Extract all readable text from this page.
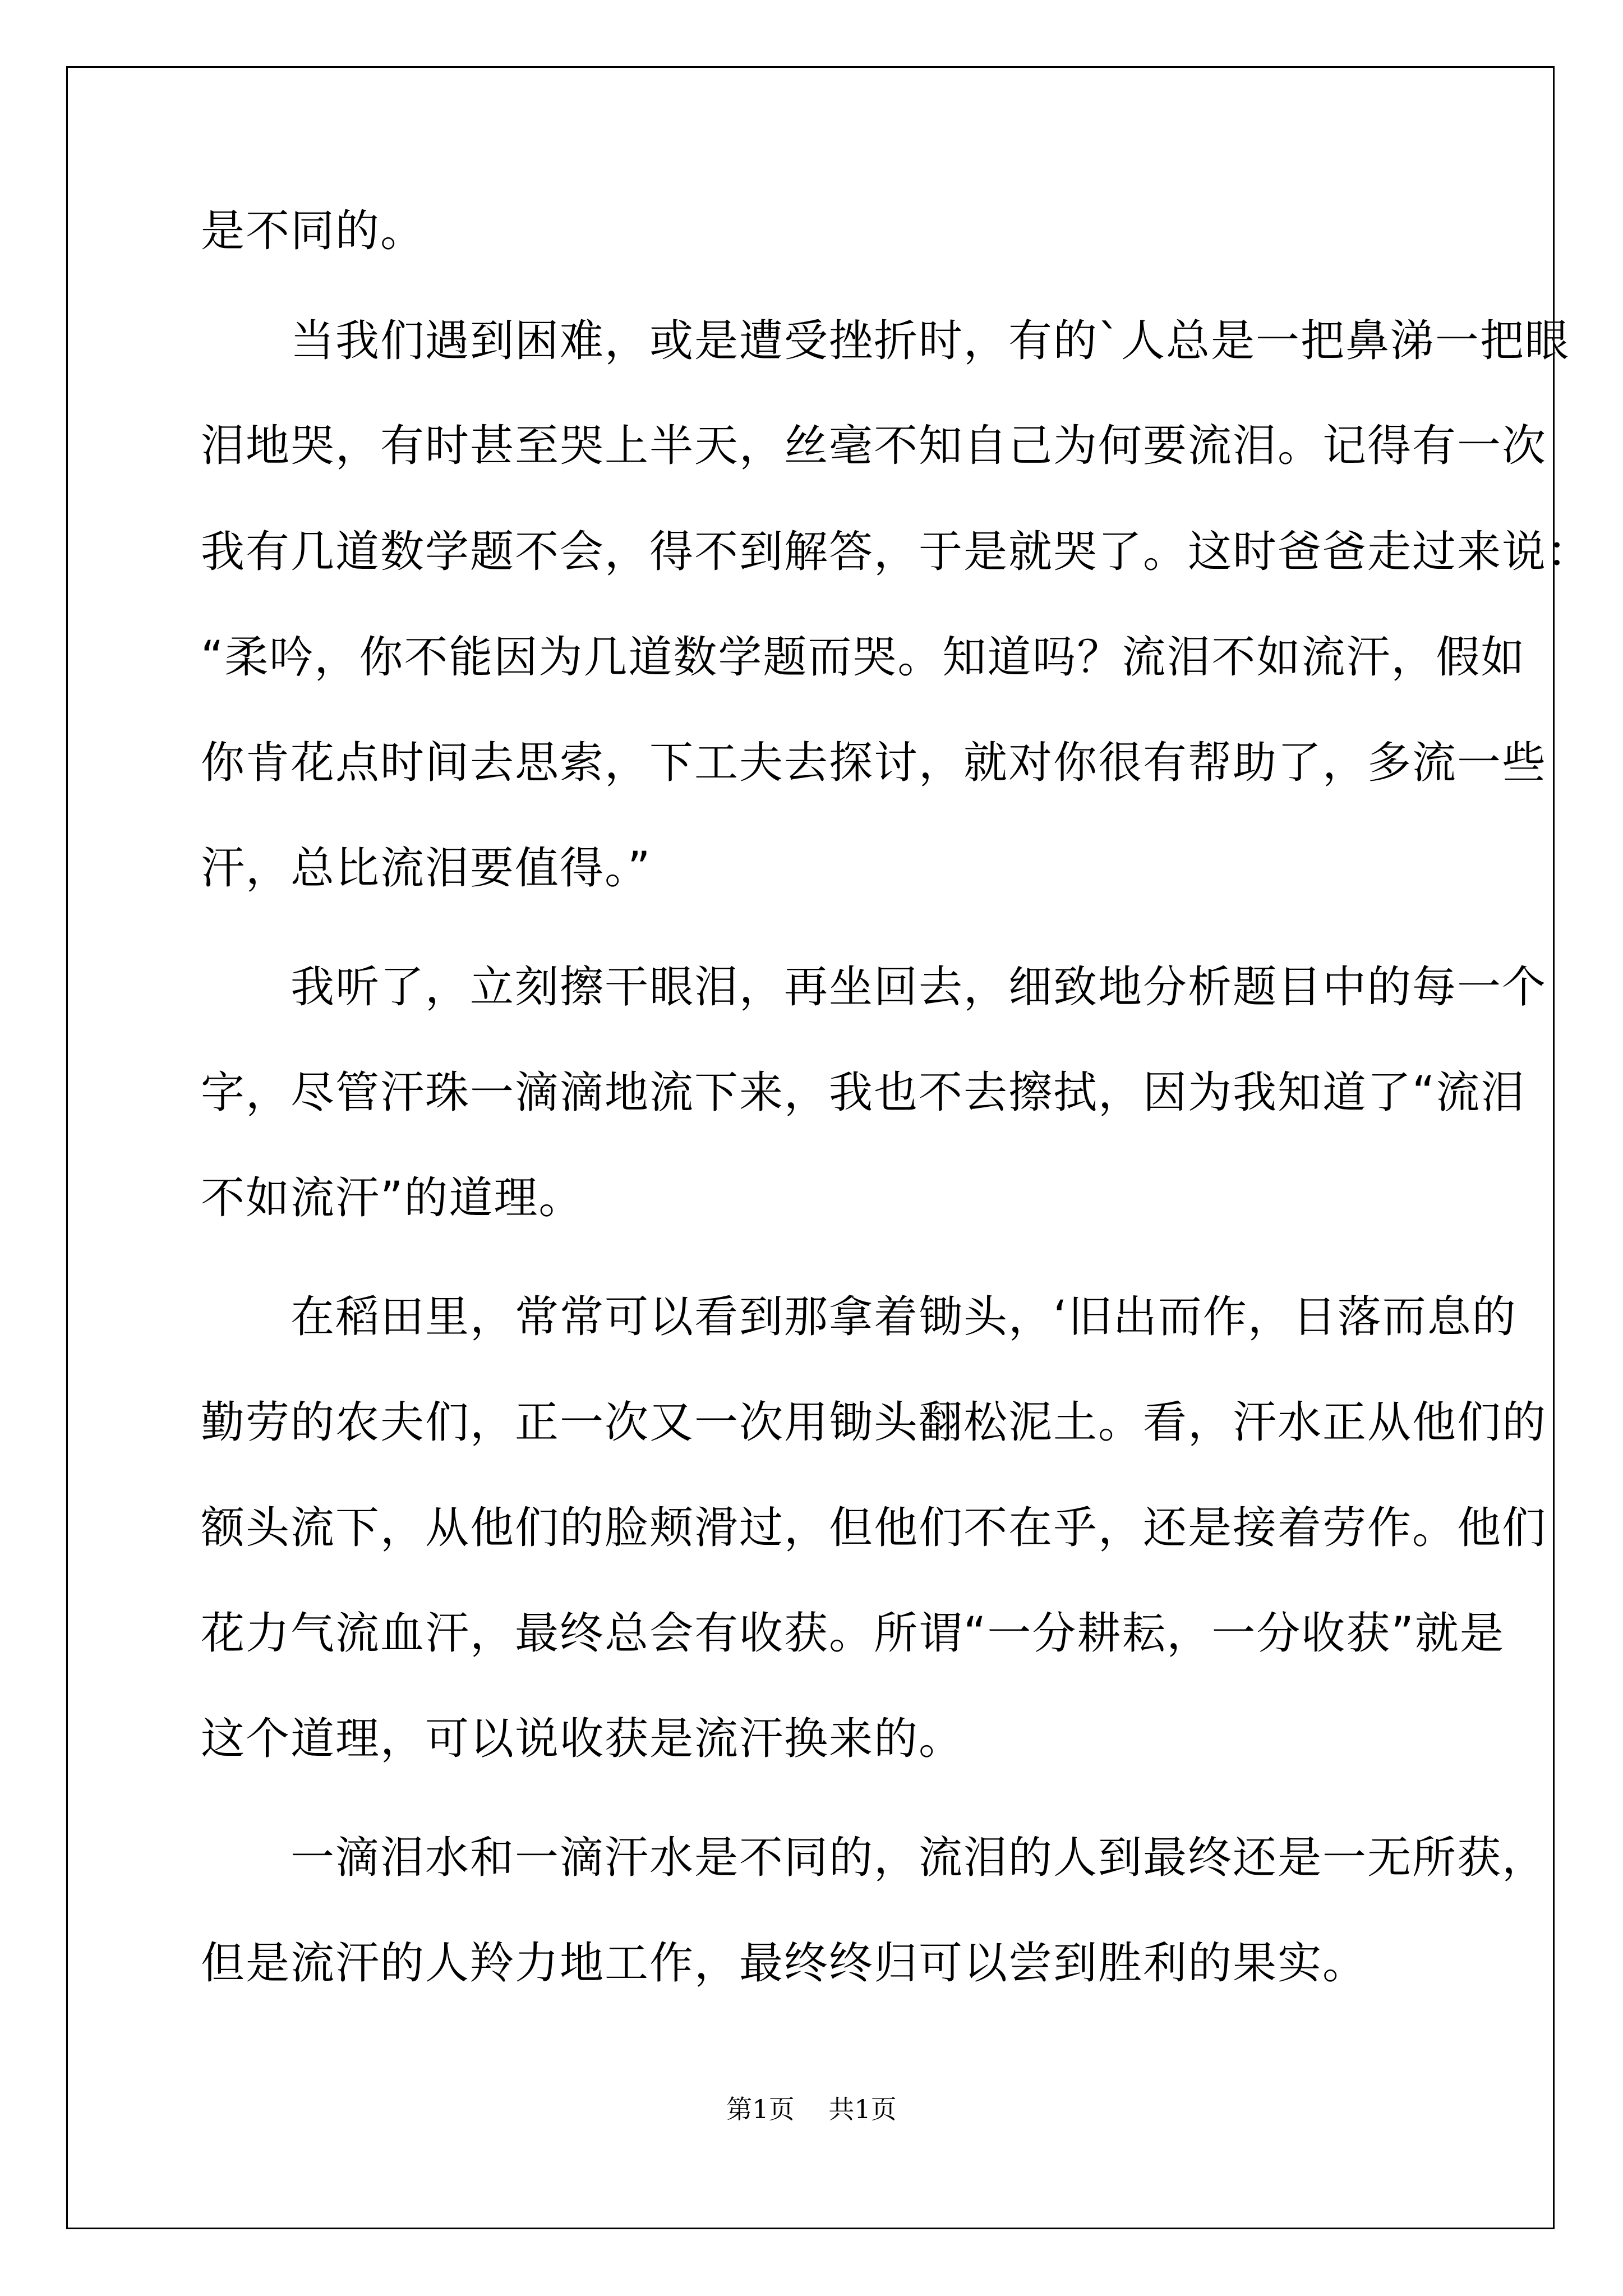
是不同的。
　　当我们遇到困难，或是遭受挫折时，有的`人总是一把鼻涕一把眼
泪地哭，有时甚至哭上半天，丝毫不知自己为何要流泪。记得有一次
我有几道数学题不会，得不到解答，于是就哭了。这时爸爸走过来说：
“柔吟，你不能因为几道数学题而哭。知道吗？流泪不如流汗，假如
你肯花点时间去思索，下工夫去探讨，就对你很有帮助了，多流一些
汗，总比流泪要值得。”
　　我听了，立刻擦干眼泪，再坐回去，细致地分析题目中的每一个
字，尽管汗珠一滴滴地流下来，我也不去擦拭，因为我知道了“流泪
不如流汗”的道理。
　　在稻田里，常常可以看到那拿着锄头，‘旧出而作，日落而息的
勤劳的农夫们，正一次又一次用锄头翻松泥土。看，汗水正从他们的
额头流下，从他们的脸颊滑过，但他们不在乎，还是接着劳作。他们
花力气流血汗，最终总会有收获。所谓“一分耕耘，一分收获”就是
这个道理，可以说收获是流汗换来的。
　　一滴泪水和一滴汗水是不同的，流泪的人到最终还是一无所获，
但是流汗的人羚力地工作，最终终归可以尝到胜利的果实。
第1页 共1页
